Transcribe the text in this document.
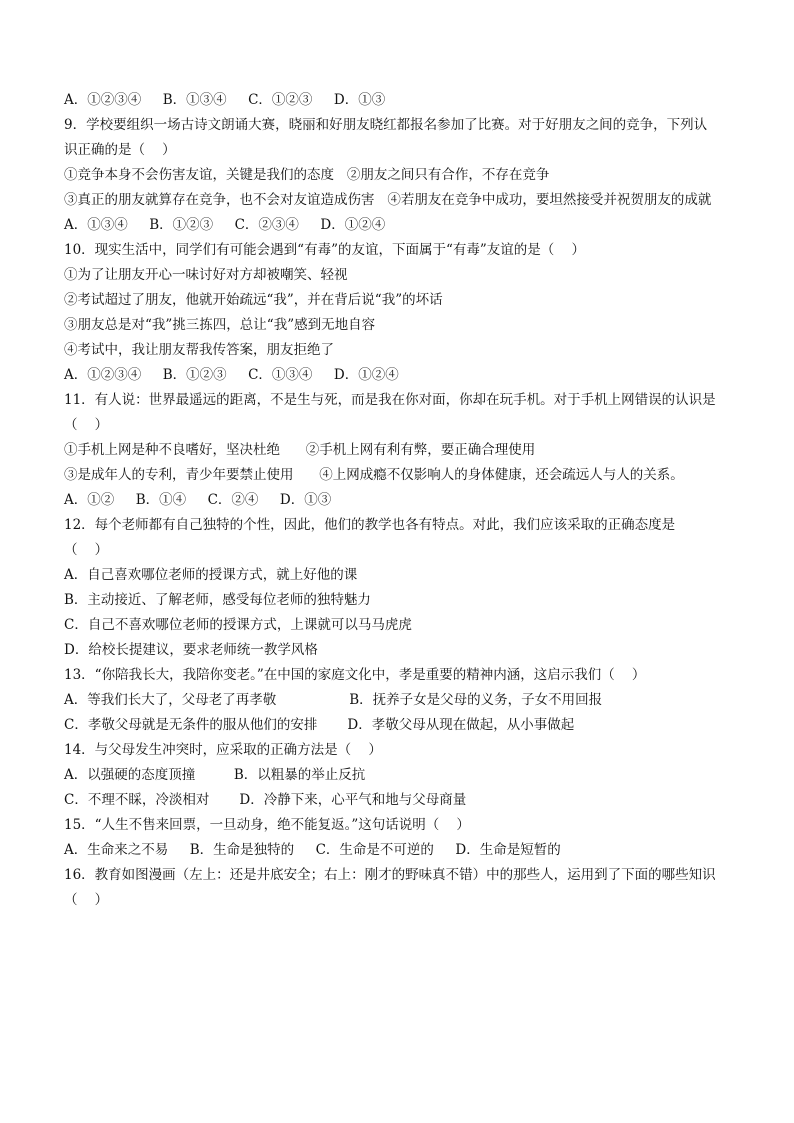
A．①②③④     B．①③④     C．①②③     D．①③
9．学校要组织一场古诗文朗诵大赛，晓丽和好朋友晓红都报名参加了比赛。对于好朋友之间的竞争，下列认
识正确的是（    ）
①竞争本身不会伤害友谊，关键是我们的态度   ②朋友之间只有合作，不存在竞争
③真正的朋友就算存在竞争，也不会对友谊造成伤害   ④若朋友在竞争中成功，要坦然接受并祝贺朋友的成就
A．①③④     B．①②③     C．②③④     D．①②④
10．现实生活中，同学们有可能会遇到“有毒”的友谊，下面属于“有毒”友谊的是（    ）
①为了让朋友开心一味讨好对方却被嘲笑、轻视
②考试超过了朋友，他就开始疏远“我”，并在背后说“我”的坏话
③朋友总是对“我”挑三拣四，总让“我”感到无地自容
④考试中，我让朋友帮我传答案，朋友拒绝了
A．①②③④     B．①②③     C．①③④     D．①②④
11．有人说：世界最遥远的距离，不是生与死，而是我在你对面，你却在玩手机。对于手机上网错误的认识是
（    ）
①手机上网是种不良嗜好，坚决杜绝      ②手机上网有利有弊，要正确合理使用
③是成年人的专利，青少年要禁止使用      ④上网成瘾不仅影响人的身体健康，还会疏远人与人的关系。
A．①②     B．①④     C．②④     D．①③
12．每个老师都有自己独特的个性，因此，他们的教学也各有特点。对此，我们应该采取的正确态度是
（    ）
A．自己喜欢哪位老师的授课方式，就上好他的课
B．主动接近、了解老师，感受每位老师的独特魅力
C．自己不喜欢哪位老师的授课方式，上课就可以马马虎虎
D．给校长提建议，要求老师统一教学风格
13．“你陪我长大，我陪你变老。”在中国的家庭文化中，孝是重要的精神内涵，这启示我们（    ）
A．等我们长大了，父母老了再孝敬                 B．抚养子女是父母的义务，子女不用回报
C．孝敬父母就是无条件的服从他们的安排       D．孝敬父母从现在做起，从小事做起
14．与父母发生冲突时，应采取的正确方法是（    ）
A．以强硬的态度顶撞         B．以粗暴的举止反抗
C．不理不睬，冷淡相对       D．冷静下来，心平气和地与父母商量
15．“人生不售来回票，一旦动身，绝不能复返。”这句话说明（    ）
A．生命来之不易     B．生命是独特的     C．生命是不可逆的     D．生命是短暂的
16．教育如图漫画（左上：还是井底安全；右上：刚才的野味真不错）中的那些人，运用到了下面的哪些知识
（    ）
